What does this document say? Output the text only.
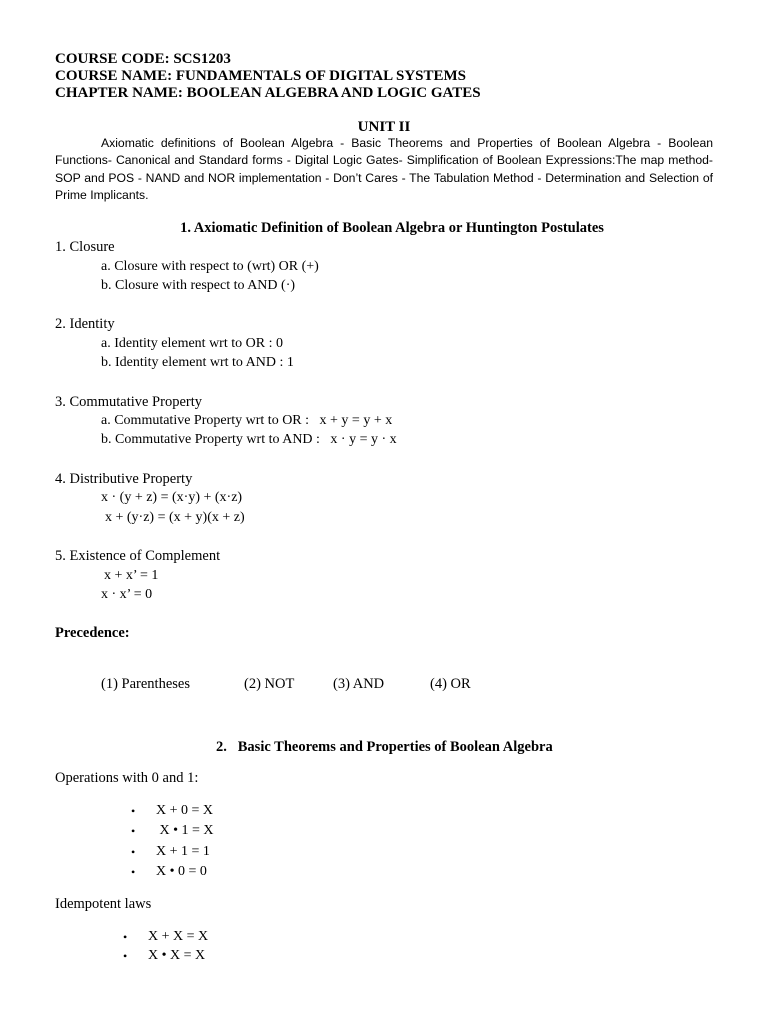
COURSE CODE: SCS1203
COURSE NAME: FUNDAMENTALS OF DIGITAL SYSTEMS
CHAPTER NAME: BOOLEAN ALGEBRA AND LOGIC GATES
UNIT II
Axiomatic definitions of Boolean Algebra - Basic Theorems and Properties of Boolean Algebra - Boolean Functions- Canonical and Standard forms - Digital Logic Gates- Simplification of Boolean Expressions:The map method- SOP and POS - NAND and NOR implementation - Don’t Cares - The Tabulation Method - Determination and Selection of Prime Implicants.
1. Axiomatic Definition of Boolean Algebra or Huntington Postulates
1. Closure
a. Closure with respect to (wrt) OR (+)
b. Closure with respect to AND (·)
2. Identity
a. Identity element wrt to OR : 0
b. Identity element wrt to AND : 1
3. Commutative Property
a. Commutative Property wrt to OR :   x + y = y + x
b. Commutative Property wrt to AND :   x · y = y · x
4. Distributive Property
x · (y + z) = (x·y) + (x·z)
x + (y·z) = (x + y)(x + z)
5. Existence of Complement
x + x’ = 1
x · x’ = 0
Precedence:
(1) Parentheses	(2) NOT	(3) AND	(4) OR
2.   Basic Theorems and Properties of Boolean Algebra
Operations with 0 and 1:
• X + 0 = X
• X • 1 = X
• X + 1 = 1
• X • 0 = 0
Idempotent laws
• X + X = X
• X • X = X
